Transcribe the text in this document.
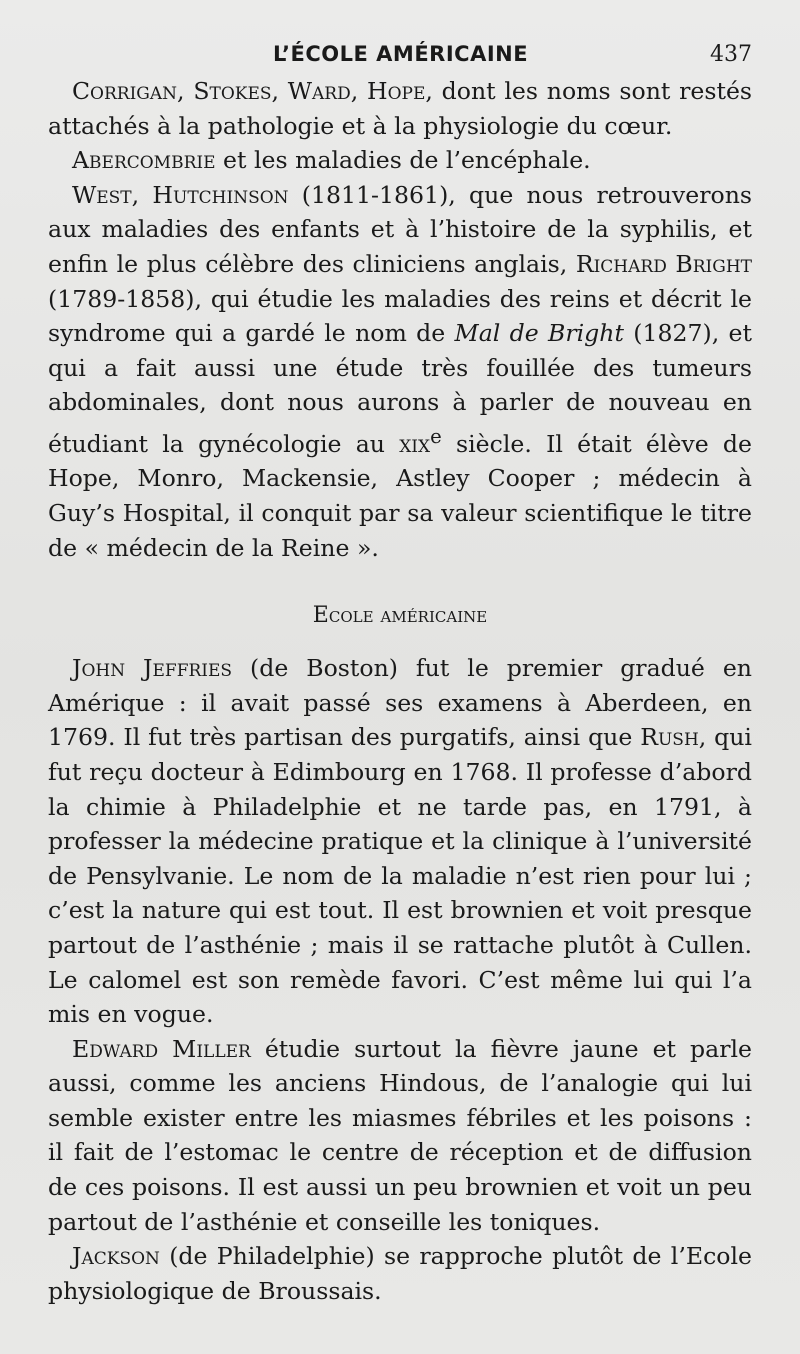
L’ÉCOLE AMÉRICAINE	437

Corrigan, Stokes, Ward, Hope, dont les noms sont restés attachés à la pathologie et à la physiologie du cœur.

Abercombrie et les maladies de l’encéphale.

West, Hutchinson (1811-1861), que nous retrouverons aux maladies des enfants et à l’histoire de la syphilis, et enfin le plus célèbre des cliniciens anglais, Richard Bright (1789-1858), qui étudie les maladies des reins et décrit le syndrome qui a gardé le nom de Mal de Bright (1827), et qui a fait aussi une étude très fouillée des tumeurs abdominales, dont nous aurons à parler de nouveau en étudiant la gynécologie au xix$^e$ siècle. Il était élève de Hope, Monro, Mackensie, Astley Cooper ; médecin à Guy’s Hospital, il conquit par sa valeur scientifique le titre de « médecin de la Reine ».

Ecole américaine

John Jeffries (de Boston) fut le premier gradué en Amérique : il avait passé ses examens à Aberdeen, en 1769. Il fut très partisan des purgatifs, ainsi que Rush, qui fut reçu docteur à Edimbourg en 1768. Il professe d’abord la chimie à Philadelphie et ne tarde pas, en 1791, à professer la médecine pratique et la clinique à l’université de Pensylvanie. Le nom de la maladie n’est rien pour lui ; c’est la nature qui est tout. Il est brownien et voit presque partout de l’asthénie ; mais il se rattache plutôt à Cullen. Le calomel est son remède favori. C’est même lui qui l’a mis en vogue.

Edward Miller étudie surtout la fièvre jaune et parle aussi, comme les anciens Hindous, de l’analogie qui lui semble exister entre les miasmes fébriles et les poisons : il fait de l’estomac le centre de réception et de diffusion de ces poisons. Il est aussi un peu brownien et voit un peu partout de l’asthénie et conseille les toniques.

Jackson (de Philadelphie) se rapproche plutôt de l’Ecole physiologique de Broussais.
